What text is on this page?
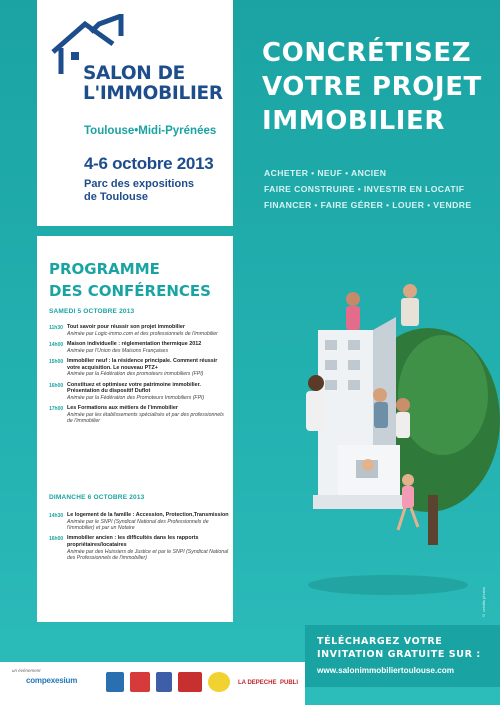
SALON DE
L'IMMOBILIER
Toulouse•Midi-Pyrénées
4-6 octobre 2013
Parc des expositions
de Toulouse
CONCRÉTISEZ
VOTRE PROJET
IMMOBILIER
ACHETER • NEUF • ANCIEN
FAIRE CONSTRUIRE • INVESTIR EN LOCATIF
FINANCER • FAIRE GÉRER • LOUER • VENDRE
PROGRAMME
DES CONFÉRENCES
SAMEDI 5 OCTOBRE 2013
11h30 Tout savoir pour réussir son projet immobilier
Animée par Logic-immo.com et des professionnels de l'immobilier
14h00 Maison individuelle : réglementation thermique 2012
Animée par l'Union des Maisons Françaises
15h00 Immobilier neuf : la résidence principale. Comment réussir votre acquisition. Le nouveau PTZ+
Animée par la Fédération des promoteurs immobiliers (FPI)
16h00 Constituez et optimisez votre patrimoine immobilier. Présentation du dispositif Duflot
Animée par la Fédération des Promoteurs Immobiliers (FPI)
17h00 Les Formations aux métiers de l'immobilier
Animée par les établissements spécialisés et par des professionnels de l'immobilier
DIMANCHE 6 OCTOBRE 2013
14h30 Le logement de la famille : Accession, Protection,Transmission
Animée par le SNPI (Syndicat National des Professionnels de l'immobilier) et par un Notaire
16h00 Immobilier ancien : les difficultés dans les rapports propriétaires/locataires
Animée par des Huissiers de Justice et par le SNPI (Syndicat National des Professionnels de l'immobilier)
© crédits photos
TÉLÉCHARGEZ VOTRE
INVITATION GRATUITE SUR :
www.salonimmobiliertoulouse.com
un événement
compexesium	LA DEPECHE PUBLI
